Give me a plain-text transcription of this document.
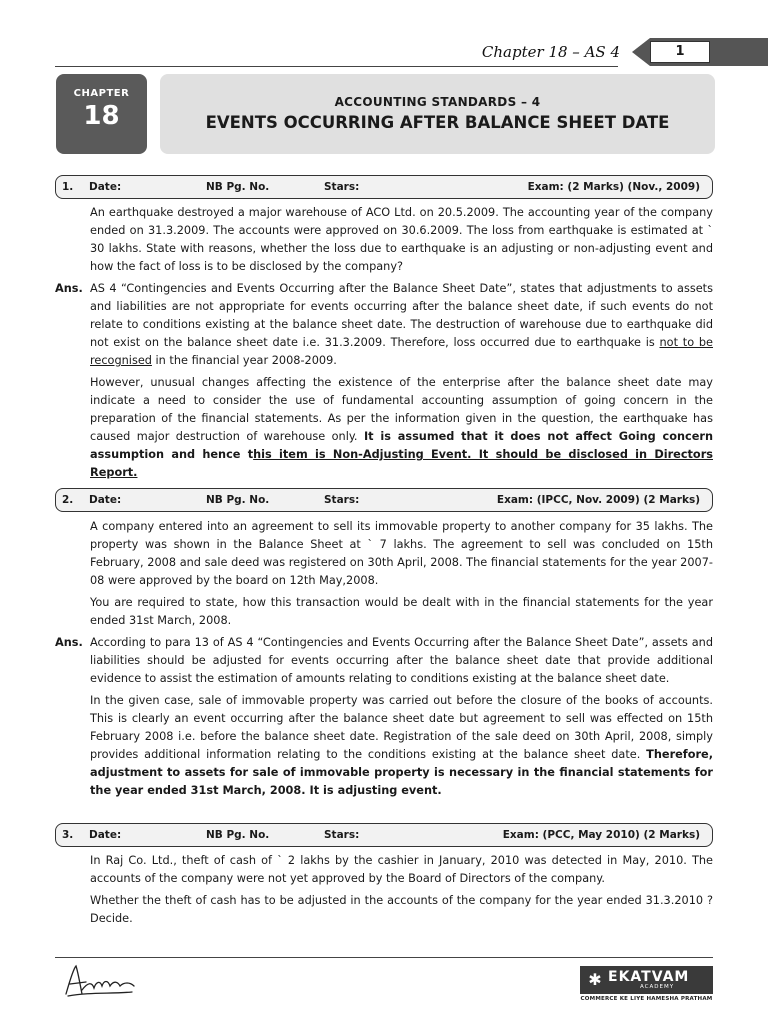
Chapter 18 – AS 4	1
CHAPTER
18	ACCOUNTING STANDARDS – 4
EVENTS OCCURRING AFTER BALANCE SHEET DATE
1. Date:	NB Pg. No.	Stars:	Exam: (2 Marks) (Nov., 2009)

An earthquake destroyed a major warehouse of ACO Ltd. on 20.5.2009. The accounting year of the company ended on 31.3.2009. The accounts were approved on 30.6.2009. The loss from earthquake is estimated at ` 30 lakhs. State with reasons, whether the loss due to earthquake is an adjusting or non-adjusting event and how the fact of loss is to be disclosed by the company?

Ans. AS 4 “Contingencies and Events Occurring after the Balance Sheet Date”, states that adjustments to assets and liabilities are not appropriate for events occurring after the balance sheet date, if such events do not relate to conditions existing at the balance sheet date. The destruction of warehouse due to earthquake did not exist on the balance sheet date i.e. 31.3.2009. Therefore, loss occurred due to earthquake is not to be recognised in the financial year 2008-2009.

However, unusual changes affecting the existence of the enterprise after the balance sheet date may indicate a need to consider the use of fundamental accounting assumption of going concern in the preparation of the financial statements. As per the information given in the question, the earthquake has caused major destruction of warehouse only. It is assumed that it does not affect Going concern assumption and hence this item is Non-Adjusting Event. It should be disclosed in Directors Report.

2. Date:	NB Pg. No.	Stars:	Exam: (IPCC, Nov. 2009) (2 Marks)

A company entered into an agreement to sell its immovable property to another company for 35 lakhs. The property was shown in the Balance Sheet at ` 7 lakhs. The agreement to sell was concluded on 15th February, 2008 and sale deed was registered on 30th April, 2008. The financial statements for the year 2007-08 were approved by the board on 12th May,2008.

You are required to state, how this transaction would be dealt with in the financial statements for the year ended 31st March, 2008.

Ans. According to para 13 of AS 4 “Contingencies and Events Occurring after the Balance Sheet Date”, assets and liabilities should be adjusted for events occurring after the balance sheet date that provide additional evidence to assist the estimation of amounts relating to conditions existing at the balance sheet date.

In the given case, sale of immovable property was carried out before the closure of the books of accounts. This is clearly an event occurring after the balance sheet date but agreement to sell was effected on 15th February 2008 i.e. before the balance sheet date. Registration of the sale deed on 30th April, 2008, simply provides additional information relating to the conditions existing at the balance sheet date. Therefore, adjustment to assets for sale of immovable property is necessary in the financial statements for the year ended 31st March, 2008. It is adjusting event.

3. Date:	NB Pg. No.	Stars:	Exam: (PCC, May 2010) (2 Marks)

In Raj Co. Ltd., theft of cash of ` 2 lakhs by the cashier in January, 2010 was detected in May, 2010. The accounts of the company were not yet approved by the Board of Directors of the company.

Whether the theft of cash has to be adjusted in the accounts of the company for the year ended 31.3.2010 ? Decide.

✱ EKATVAM
ACADEMY
COMMERCE KE LIYE HAMESHA PRATHAM
